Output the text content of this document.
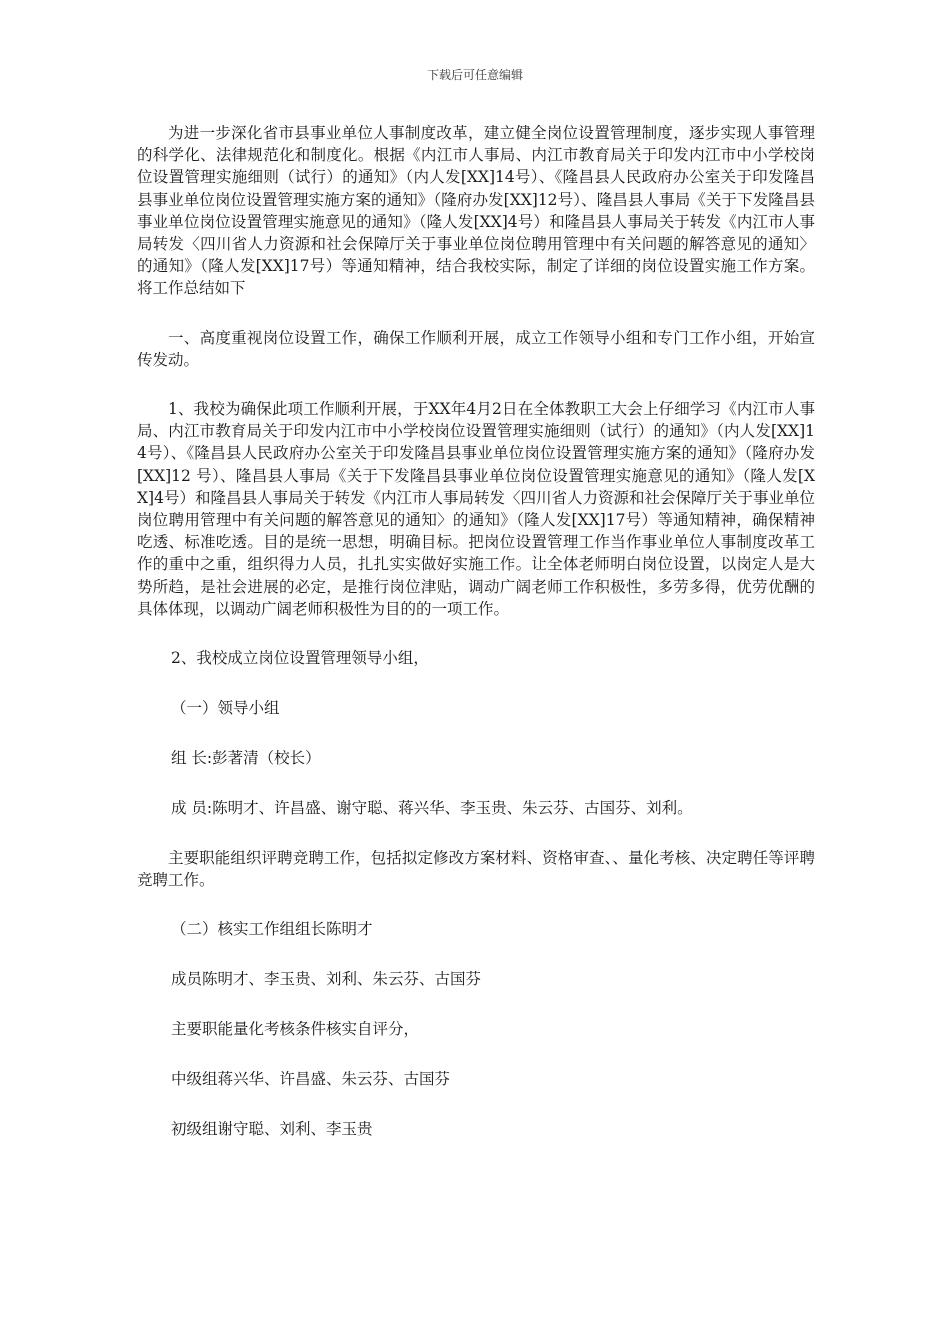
下载后可任意编辑

为进一步深化省市县事业单位人事制度改革，建立健全岗位设置管理制度，逐步实现人事管理的科学化、法律规范化和制度化。根据《内江市人事局、内江市教育局关于印发内江市中小学校岗位设置管理实施细则（试行）的通知》（内人发[XX]14号）、《隆昌县人民政府办公室关于印发隆昌县事业单位岗位设置管理实施方案的通知》（隆府办发[XX]12号）、隆昌县人事局《关于下发隆昌县事业单位岗位设置管理实施意见的通知》（隆人发[XX]4号）和隆昌县人事局关于转发《内江市人事局转发〈四川省人力资源和社会保障厅关于事业单位岗位聘用管理中有关问题的解答意见的通知〉的通知》（隆人发[XX]17号）等通知精神，结合我校实际，制定了详细的岗位设置实施工作方案。将工作总结如下

一、高度重视岗位设置工作，确保工作顺利开展，成立工作领导小组和专门工作小组，开始宣传发动。

1、我校为确保此项工作顺利开展，于XX年4月2日在全体教职工大会上仔细学习《内江市人事局、内江市教育局关于印发内江市中小学校岗位设置管理实施细则（试行）的通知》（内人发[XX]14号）、《隆昌县人民政府办公室关于印发隆昌县事业单位岗位设置管理实施方案的通知》（隆府办发[XX]12 号）、隆昌县人事局《关于下发隆昌县事业单位岗位设置管理实施意见的通知》（隆人发[XX]4号）和隆昌县人事局关于转发《内江市人事局转发〈四川省人力资源和社会保障厅关于事业单位岗位聘用管理中有关问题的解答意见的通知〉的通知》（隆人发[XX]17号）等通知精神，确保精神吃透、标准吃透。目的是统一思想，明确目标。把岗位设置管理工作当作事业单位人事制度改革工作的重中之重，组织得力人员，扎扎实实做好实施工作。让全体老师明白岗位设置，以岗定人是大势所趋，是社会进展的必定，是推行岗位津贴，调动广阔老师工作积极性，多劳多得，优劳优酬的具体体现，以调动广阔老师积极性为目的的一项工作。

2、我校成立岗位设置管理领导小组，

（一）领导小组

组 长:彭著清（校长）

成 员:陈明才、许昌盛、谢守聪、蒋兴华、李玉贵、朱云芬、古国芬、刘利。

主要职能组织评聘竞聘工作，包括拟定修改方案材料、资格审查、、量化考核、决定聘任等评聘竞聘工作。

（二）核实工作组组长陈明才

成员陈明才、李玉贵、刘利、朱云芬、古国芬

主要职能量化考核条件核实自评分，

中级组蒋兴华、许昌盛、朱云芬、古国芬

初级组谢守聪、刘利、李玉贵
